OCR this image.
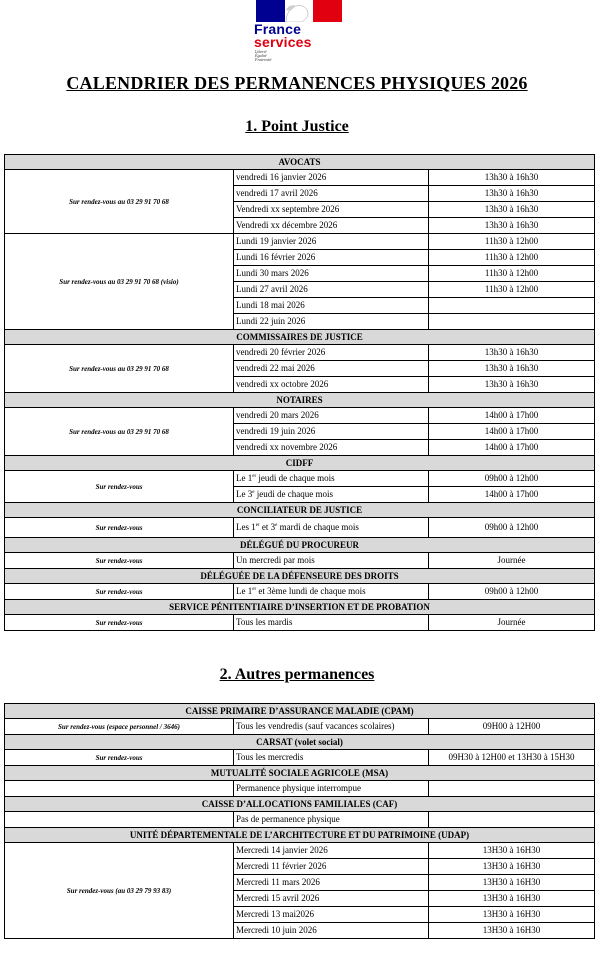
France
services
Liberté
Égalité
Fraternité
CALENDRIER DES PERMANENCES PHYSIQUES 2026
1. Point Justice
AVOCATS		
Sur rendez-vous au 03 29 91 70 68	vendredi 16 janvier 2026	13h30 à 16h30
	vendredi 17 avril 2026	13h30 à 16h30
	Vendredi xx septembre 2026	13h30 à 16h30
	Vendredi xx décembre 2026	13h30 à 16h30
Sur rendez-vous au 03 29 91 70 68 (visio)	Lundi 19 janvier 2026	11h30 à 12h00
	Lundi 16 février 2026	11h30 à 12h00
	Lundi 30 mars 2026	11h30 à 12h00
	Lundi 27 avril 2026	11h30 à 12h00
	Lundi 18 mai 2026	
	Lundi 22 juin 2026	
COMMISSAIRES DE JUSTICE		
Sur rendez-vous au 03 29 91 70 68	vendredi 20 février 2026	13h30 à 16h30
	vendredi 22 mai 2026	13h30 à 16h30
	vendredi xx octobre 2026	13h30 à 16h30
NOTAIRES		
Sur rendez-vous au 03 29 91 70 68	vendredi 20 mars 2026	14h00 à 17h00
	vendredi 19 juin 2026	14h00 à 17h00
	vendredi xx novembre 2026	14h00 à 17h00
CIDFF		
Sur rendez-vous	Le 1er jeudi de chaque mois	09h00 à 12h00
	Le 3e jeudi de chaque mois	14h00 à 17h00
CONCILIATEUR DE JUSTICE		
Sur rendez-vous	Les 1er et 3e mardi de chaque mois	09h00 à 12h00
DÉLÉGUÉ DU PROCUREUR		
Sur rendez-vous	Un mercredi par mois	Journée
DÉLÉGUÉE DE LA DÉFENSEURE DES DROITS		
Sur rendez-vous	Le 1er et 3ème lundi de chaque mois	09h00 à 12h00
SERVICE PÉNITENTIAIRE D’INSERTION ET DE PROBATION		
Sur rendez-vous	Tous les mardis	Journée
2. Autres permanences
CAISSE PRIMAIRE D’ASSURANCE MALADIE (CPAM)		
Sur rendez-vous (espace personnel / 3646)	Tous les vendredis (sauf vacances scolaires)	09H00 à 12H00
CARSAT (volet social)		
Sur rendez-vous	Tous les mercredis	09H30 à 12H00 et 13H30 à 15H30
MUTUALITÉ SOCIALE AGRICOLE (MSA)		
	Permanence physique interrompue	
CAISSE D’ALLOCATIONS FAMILIALES (CAF)		
	Pas de permanence physique	
UNITÉ DÉPARTEMENTALE DE L’ARCHITECTURE ET DU PATRIMOINE (UDAP)		
Sur rendez-vous (au 03 29 79 93 83)	Mercredi 14 janvier 2026	13H30 à 16H30
	Mercredi 11 février 2026	13H30 à 16H30
	Mercredi 11 mars 2026	13H30 à 16H30
	Mercredi 15 avril 2026	13H30 à 16H30
	Mercredi 13 mai2026	13H30 à 16H30
	Mercredi 10 juin 2026	13H30 à 16H30
